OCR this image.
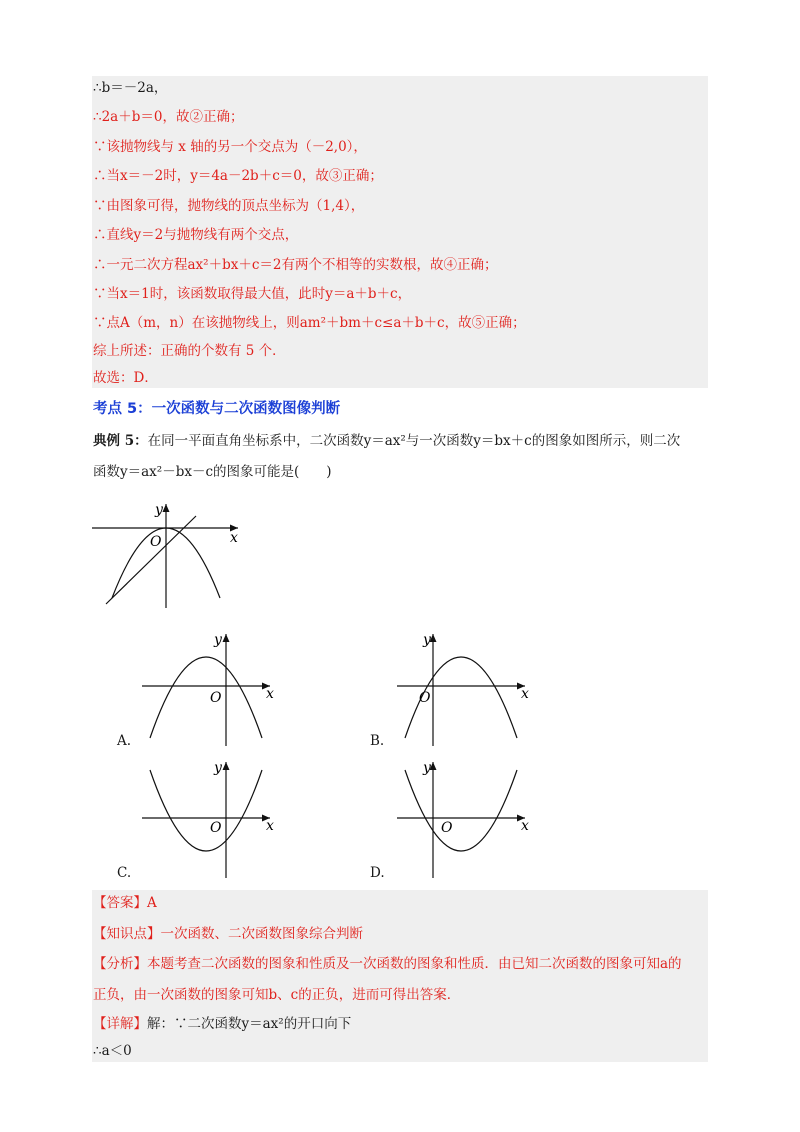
∴b＝－2a，
∴2a＋b＝0，故②正确；
∵该抛物线与 x 轴的另一个交点为（－2,0），
∴当x＝－2时，y＝4a－2b＋c＝0，故③正确；
∵由图象可得，抛物线的顶点坐标为（1,4），
∴直线y＝2与抛物线有两个交点，
∴一元二次方程ax²＋bx＋c＝2有两个不相等的实数根，故④正确；
∵当x＝1时，该函数取得最大值，此时y＝a＋b＋c，
∵点A（m，n）在该抛物线上，则am²＋bm＋c≤a＋b＋c，故⑤正确；
综上所述：正确的个数有 5 个．
故选：D．
考点 5：一次函数与二次函数图像判断
典例 5：在同一平面直角坐标系中，二次函数y＝ax²与一次函数y＝bx＋c的图象如图所示，则二次
函数y＝ax²－bx－c的图象可能是(　　)
y
x
O
y
x
O
A.
y
x
O
B.
y
x
O
C.
y
x
O
D.
【答案】A
【知识点】一次函数、二次函数图象综合判断
【分析】本题考查二次函数的图象和性质及一次函数的图象和性质．由已知二次函数的图象可知a的
正负，由一次函数的图象可知b、c的正负，进而可得出答案．
【详解】解：∵二次函数y＝ax²的开口向下
∴a＜0
